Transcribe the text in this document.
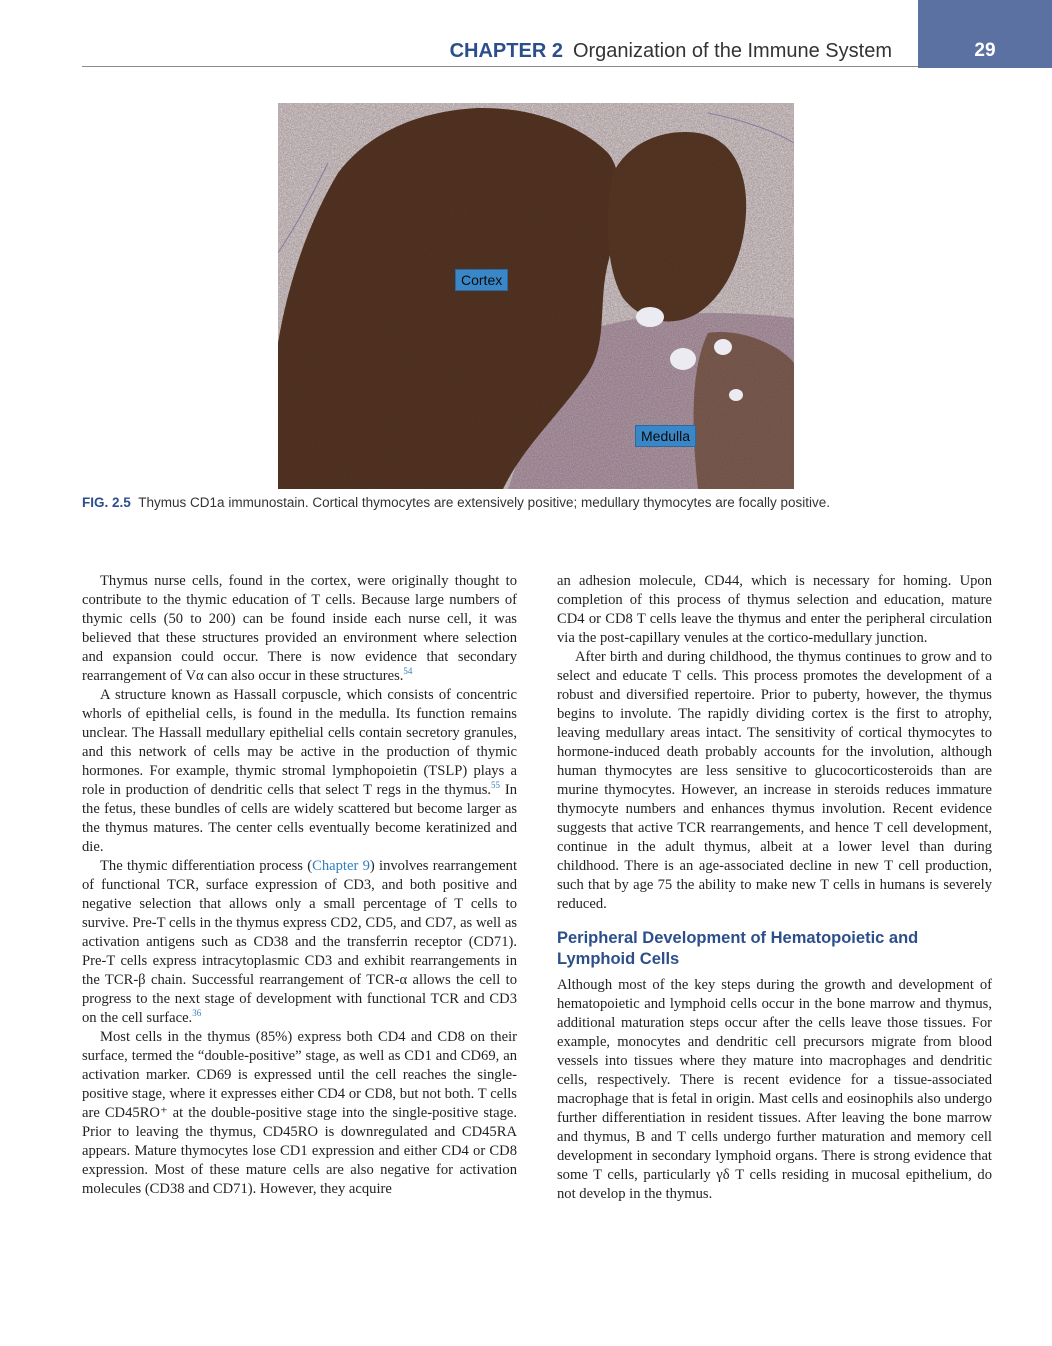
CHAPTER 2 Organization of the Immune System	29
Cortex
Medulla
FIG. 2.5 Thymus CD1a immunostain. Cortical thymocytes are extensively positive; medullary thymocytes are focally positive.

Thymus nurse cells, found in the cortex, were originally thought to contribute to the thymic education of T cells. Because large numbers of thymic cells (50 to 200) can be found inside each nurse cell, it was believed that these structures provided an environment where selection and expansion could occur. There is now evidence that secondary rearrangement of Vα can also occur in these structures.$^{54}$

A structure known as Hassall corpuscle, which consists of concentric whorls of epithelial cells, is found in the medulla. Its function remains unclear. The Hassall medullary epithelial cells contain secretory granules, and this network of cells may be active in the production of thymic hormones. For example, thymic stromal lymphopoietin (TSLP) plays a role in production of dendritic cells that select T regs in the thymus.$^{55}$ In the fetus, these bundles of cells are widely scattered but become larger as the thymus matures. The center cells eventually become keratinized and die.

The thymic differentiation process (Chapter 9) involves rearrangement of functional TCR, surface expression of CD3, and both positive and negative selection that allows only a small percentage of T cells to survive. Pre-T cells in the thymus express CD2, CD5, and CD7, as well as activation antigens such as CD38 and the transferrin receptor (CD71). Pre-T cells express intracytoplasmic CD3 and exhibit rearrangements in the TCR-β chain. Successful rearrangement of TCR-α allows the cell to progress to the next stage of development with functional TCR and CD3 on the cell surface.$^{36}$

Most cells in the thymus (85%) express both CD4 and CD8 on their surface, termed the “double-positive” stage, as well as CD1 and CD69, an activation marker. CD69 is expressed until the cell reaches the single-positive stage, where it expresses either CD4 or CD8, but not both. T cells are CD45RO⁺ at the double-positive stage into the single-positive stage. Prior to leaving the thymus, CD45RO is downregulated and CD45RA appears. Mature thymocytes lose CD1 expression and either CD4 or CD8 expression. Most of these mature cells are also negative for activation molecules (CD38 and CD71). However, they acquire

an adhesion molecule, CD44, which is necessary for homing. Upon completion of this process of thymus selection and education, mature CD4 or CD8 T cells leave the thymus and enter the peripheral circulation via the post-capillary venules at the cortico-medullary junction.

After birth and during childhood, the thymus continues to grow and to select and educate T cells. This process promotes the development of a robust and diversified repertoire. Prior to puberty, however, the thymus begins to involute. The rapidly dividing cortex is the first to atrophy, leaving medullary areas intact. The sensitivity of cortical thymocytes to hormone-induced death probably accounts for the involution, although human thymocytes are less sensitive to glucocorticosteroids than are murine thymocytes. However, an increase in steroids reduces immature thymocyte numbers and enhances thymus involution. Recent evidence suggests that active TCR rearrangements, and hence T cell development, continue in the adult thymus, albeit at a lower level than during childhood. There is an age-associated decline in new T cell production, such that by age 75 the ability to make new T cells in humans is severely reduced.

Peripheral Development of Hematopoietic and Lymphoid Cells

Although most of the key steps during the growth and development of hematopoietic and lymphoid cells occur in the bone marrow and thymus, additional maturation steps occur after the cells leave those tissues. For example, monocytes and dendritic cell precursors migrate from blood vessels into tissues where they mature into macrophages and dendritic cells, respectively. There is recent evidence for a tissue-associated macrophage that is fetal in origin. Mast cells and eosinophils also undergo further differentiation in resident tissues. After leaving the bone marrow and thymus, B and T cells undergo further maturation and memory cell development in secondary lymphoid organs. There is strong evidence that some T cells, particularly γδ T cells residing in mucosal epithelium, do not develop in the thymus.
